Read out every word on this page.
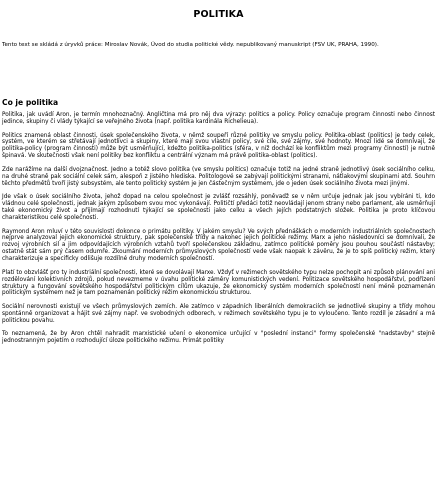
POLITIKA
Tento text se skládá z úryvků práce: Miroslav Novák, Úvod do studia politické vědy. nepublikovaný manuskript (FSV UK, PRAHA, 1990).
Co je politika

Politika, jak uvádí Aron, je termín mnohoznačný. Angličtina má pro něj dva výrazy: politics a policy. Policy označuje program činnosti nebo činnost jedince, skupiny či vlády týkající se veřejného života (např. politika kardinála Richelieua).

Politics znamená oblast činnosti, úsek společenského života, v němž soupeří různé politiky ve smyslu policy. Politika-oblast (politics) je tedy celek, systém, ve kterém se střetávají jednotlivci a skupiny, které mají svou vlastní policy, své cíle, své zájmy, své hodnoty. Mnozí lidé se domnívají, že politika-policy (program činnosti) může být usměrňující, kdežto politika-politics (sféra, v níž dochází ke konfliktům mezi programy činností) je nutně špinavá. Ve skutečnosti však není politiky bez konfliktu a centrální význam má právě politika-oblast (politics).

Zde narážíme na další dvojznačnost. Jedno a totéž slovo politika (ve smyslu politics) označuje totiž na jedné straně jednotlivý úsek sociálního celku, na druhé straně pak sociální celek sám, alespoň z jistého hlediska. Politologové se zabývají politickými stranami, nátlakovými skupinami atd. Souhrn těchto předmětů tvoří jistý subsystém, ale tento politický systém je jen částečným systémem, jde o jeden úsek sociálního života mezi jinými.

Jde však o úsek sociálního života, jehož dopad na celou společnost je zvlášť rozsáhlý, poněvadž se v něm určuje jednak jak jsou vybíráni ti, kdo vládnou celé společnosti, jednak jakým způsobem svou moc vykonávají. Političtí předáci totiž neovládají jenom strany nebo parlament, ale usměrňují také ekonomický život a přijímají rozhodnutí týkající se společnosti jako celku a všech jejích podstatných složek. Politika je proto klíčovou charakteristikou celé společnosti.

Raymond Aron mluví v této souvislosti dokonce o primátu politiky. V jakém smyslu? Ve svých přednáškách o moderních industriálních společnostech nejprve analyzoval jejich ekonomické struktury, pak společenské třídy a nakonec jejich politické režimy. Marx a jeho následovníci se domnívali, že rozvoj výrobních sil a jim odpovídajících výrobních vztahů tvoří společenskou základnu, zatímco politické poměry jsou pouhou součástí nástavby; ostatně stát sám prý časem odumře. Zkoumání moderních průmyslových společností vede však naopak k závěru, že je to spíš politický režim, který charakterizuje a specificky odlišuje rozdílné druhy moderních společností.

Platí to obzvlášť pro ty industriální společnosti, které se dovolávají Marxe. Vždyť v režimech sovětského typu nelze pochopit ani způsob plánování ani rozdělování kolektivních zdrojů, pokud nevezmeme v úvahu politické záměry komunistických vedení. Politizace sovětského hospodářství, podřízení struktury a fungování sovětského hospodářství politickým cílům ukazuje, že ekonomický systém moderních společností není méně poznamenán politickým systémem než je tam poznamenán politický režim ekonomickou strukturou.

Sociální nerovnosti existují ve všech průmyslových zemích. Ale zatímco v západních liberálních demokraciích se jednotlivé skupiny a třídy mohou spontánně organizovat a hájit své zájmy např. ve svobodných odborech, v režimech sovětského typu je to vyloučeno. Tento rozdíl je zásadní a má politickou povahu.

To neznamená, že by Aron chtěl nahradit marxistické učení o ekonomice určující v "poslední instanci" formy společenské "nadstavby" stejně jednostranným pojetím o rozhodující úloze politického režimu. Primát politiky
